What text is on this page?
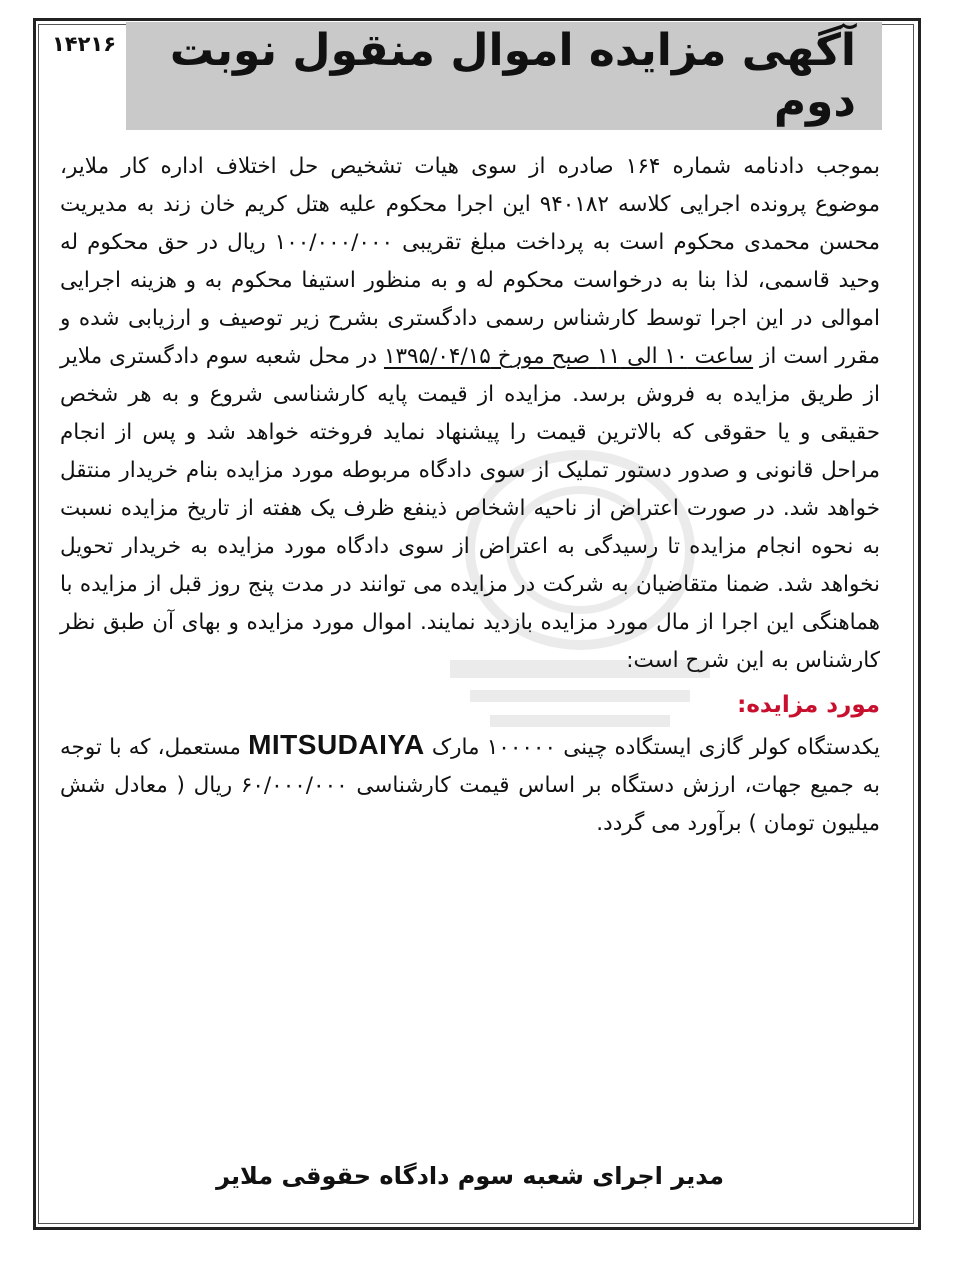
۱۴۲۱۶	آگهی مزایده اموال منقول نوبت دوم

بموجب دادنامه شماره ۱۶۴ صادره از سوی هیات تشخیص حل اختلاف اداره کار ملایر، موضوع پرونده اجرایی کلاسه ۹۴۰۱۸۲ این اجرا محکوم علیه هتل کریم خان زند به مدیریت محسن محمدی محکوم است به پرداخت مبلغ تقریبی ۱۰۰/۰۰۰/۰۰۰ ریال در حق محکوم له وحید قاسمی، لذا بنا به درخواست محکوم له و به منظور استیفا محکوم به و هزینه اجرایی اموالی در این اجرا توسط کارشناس رسمی دادگستری بشرح زیر توصیف و ارزیابی شده و مقرر است از ساعت ۱۰ الی ۱۱ صبح مورخ ۱۳۹۵/۰۴/۱۵ در محل شعبه سوم دادگستری ملایر از طریق مزایده به فروش برسد. مزایده از قیمت پایه کارشناسی شروع و به هر شخص حقیقی و یا حقوقی که بالاترین قیمت را پیشنهاد نماید فروخته خواهد شد و پس از انجام مراحل قانونی و صدور دستور تملیک از سوی دادگاه مربوطه مورد مزایده بنام خریدار منتقل خواهد شد. در صورت اعتراض از ناحیه اشخاص ذینفع ظرف یک هفته از تاریخ مزایده نسبت به نحوه انجام مزایده تا رسیدگی به اعتراض از سوی دادگاه مورد مزایده به خریدار تحویل نخواهد شد. ضمنا متقاضیان به شرکت در مزایده می توانند در مدت پنج روز قبل از مزایده با هماهنگی این اجرا از مال مورد مزایده بازدید نمایند. اموال مورد مزایده و بهای آن طبق نظر کارشناس به این شرح است:

مورد مزایده:

یکدستگاه کولر گازی ایستگاده چینی ۱۰۰۰۰۰ مارک MITSUDAIYA مستعمل، که با توجه به جمیع جهات، ارزش دستگاه بر اساس قیمت کارشناسی ۶۰/۰۰۰/۰۰۰ ریال ( معادل شش میلیون تومان ) برآورد می گردد.

مدیر اجرای شعبه سوم دادگاه حقوقی ملایر
